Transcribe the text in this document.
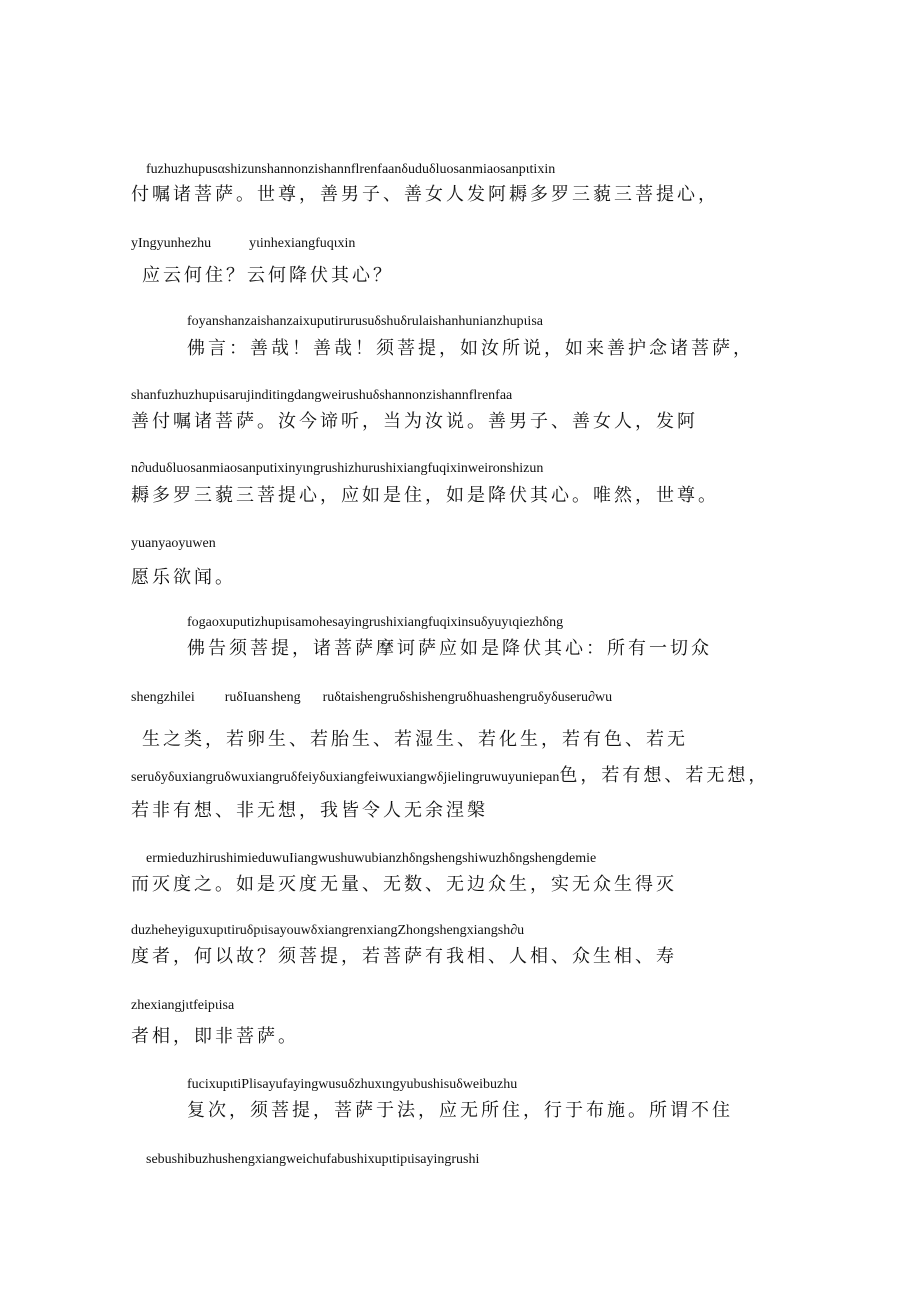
fuzhuzhupusαshizunshannonzishannflrenfaanδuduδluosanmiaosanpιtixin
付嘱诸菩萨。世尊，善男子、善女人发阿耨多罗三藐三菩提心，
yIngyunhezhu	yιinhexiangfuqιxin
应云何住？云何降伏其心？
foyanshanzaishanzaixuputirurusuδshuδrulaishanhunianzhupιisa
佛言：善哉！善哉！须菩提，如汝所说，如来善护念诸菩萨，
shanfuzhuzhupιisarujinditingdangweirushuδshannonzishannflrenfaa
善付嘱诸菩萨。汝今谛听，当为汝说。善男子、善女人，发阿
n∂uduδluosanmiaosanputixinyιngrushizhurushixiangfuqixinweironshizun
耨多罗三藐三菩提心，应如是住，如是降伏其心。唯然，世尊。
yuanyaoyuwen
愿乐欲闻。
fogaoxuputizhupιisamohesayingrushixiangfuqixinsuδyuyιqiezhδng
佛告须菩提，诸菩萨摩诃萨应如是降伏其心：所有一切众
shengzhilei ruδIuansheng ruδtaishengruδshishengruδhuashengruδyδuseru∂wu
生之类，若卵生、若胎生、若湿生、若化生，若有色、若无
seruδyδuxiangruδwuxiangruδfeiyδuxiangfeiwuxiangwδjielingruwuyuniepan色，若有想、若无想，
若非有想、非无想，我皆令人无余涅槃
ermieduzhirushimieduwuIiangwushuwubianzhδngshengshiwuzhδngshengdemie
而灭度之。如是灭度无量、无数、无边众生，实无众生得灭
duzheheyiguxupιtiruδpιisayouwδxiangrenxiangZhongshengxiangsh∂u
度者，何以故？须菩提，若菩萨有我相、人相、众生相、寿
zhexiangjιtfeipιisa
者相，即非菩萨。
fucixupιtiPlisayufayingwusuδzhuxιngyubushisuδweibuzhu
复次，须菩提，菩萨于法，应无所住，行于布施。所谓不住
sebushibuzhushengxiangweichufabushixupιtipιisayingrushi
